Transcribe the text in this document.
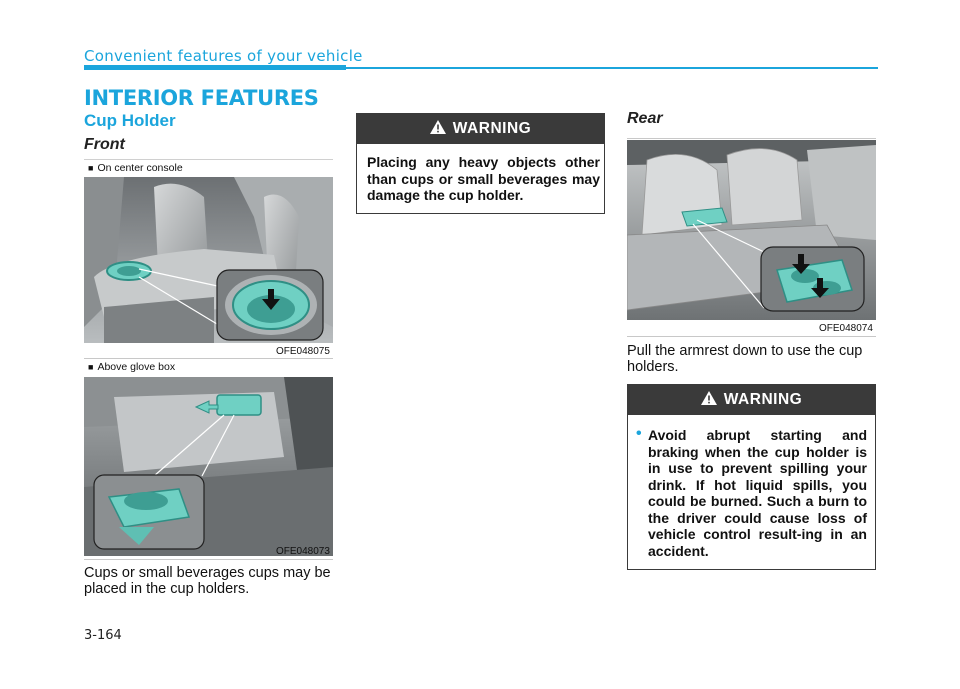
Convenient features of your vehicle
INTERIOR FEATURES
Cup Holder
Front
■ On center console
OFE048075
■ Above glove box
OFE048073
Cups or small beverages cups may be placed in the cup holders.
WARNING
Placing any heavy objects other than cups or small beverages may damage the cup holder.
Rear
OFE048074
Pull the armrest down to use the cup holders.
WARNING
• Avoid abrupt starting and braking when the cup holder is in use to prevent spilling your drink. If hot liquid spills, you could be burned. Such a burn to the driver could cause loss of vehicle control result-ing in an accident.
3-164
